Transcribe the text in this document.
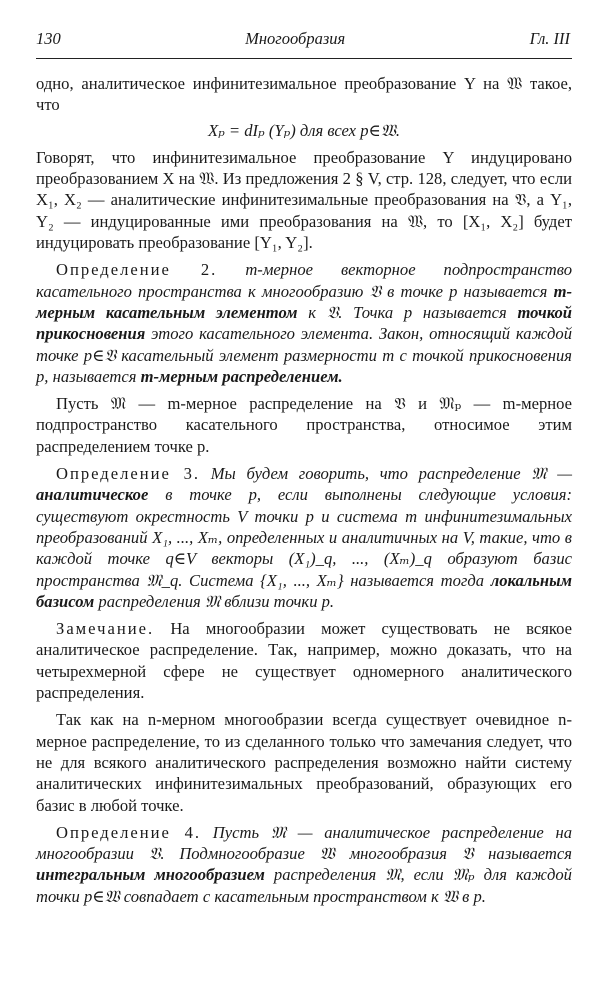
130	Многообразия	Гл. III

одно, аналитическое инфинитезимальное преобразование Y на 𝔚 такое, что

Xₚ = dIₚ (Yₚ) для всех p∈𝔚.

Говорят, что инфинитезимальное преобразование Y индуцировано преобразованием X на 𝔚. Из предложения 2 § V, стр. 128, следует, что если X₁, X₂ — аналитические инфинитезимальные преобразования на 𝔙, а Y₁, Y₂ — индуцированные ими преобразования на 𝔚, то [X₁, X₂] будет индуцировать преобразование [Y₁, Y₂].

Определение 2. m-мерное векторное подпространство касательного пространства к многообразию 𝔙 в точке p называется m-мерным касательным элементом к 𝔙. Точка p называется точкой прикосновения этого касательного элемента. Закон, относящий каждой точке p∈𝔙 касательный элемент размерности m с точкой прикосновения p, называется m-мерным распределением.

Пусть 𝔐 — m-мерное распределение на 𝔙 и 𝔐ₚ — m-мерное подпространство касательного пространства, относимое этим распределением точке p.

Определение 3. Мы будем говорить, что распределение 𝔐 — аналитическое в точке p, если выполнены следующие условия: существуют окрестность V точки p и система m инфинитезимальных преобразований X₁, ..., Xₘ, определенных и аналитичных на V, такие, что в каждой точке q∈V векторы (X₁)_q, ..., (Xₘ)_q образуют базис пространства 𝔐_q. Система {X₁, ..., Xₘ} называется тогда локальным базисом распределения 𝔐 вблизи точки p.

Замечание. На многообразии может существовать не всякое аналитическое распределение. Так, например, можно доказать, что на четырехмерной сфере не существует одномерного аналитического распределения.

Так как на n-мерном многообразии всегда существует очевидное n-мерное распределение, то из сделанного только что замечания следует, что не для всякого аналитического распределения возможно найти систему аналитических инфинитезимальных преобразований, образующих его базис в любой точке.

Определение 4. Пусть 𝔐 — аналитическое распределение на многообразии 𝔙. Подмногообразие 𝔚 многообразия 𝔙 называется интегральным многообразием распределения 𝔐, если 𝔐ₚ для каждой точки p∈𝔚 совпадает с касательным пространством к 𝔚 в p.
